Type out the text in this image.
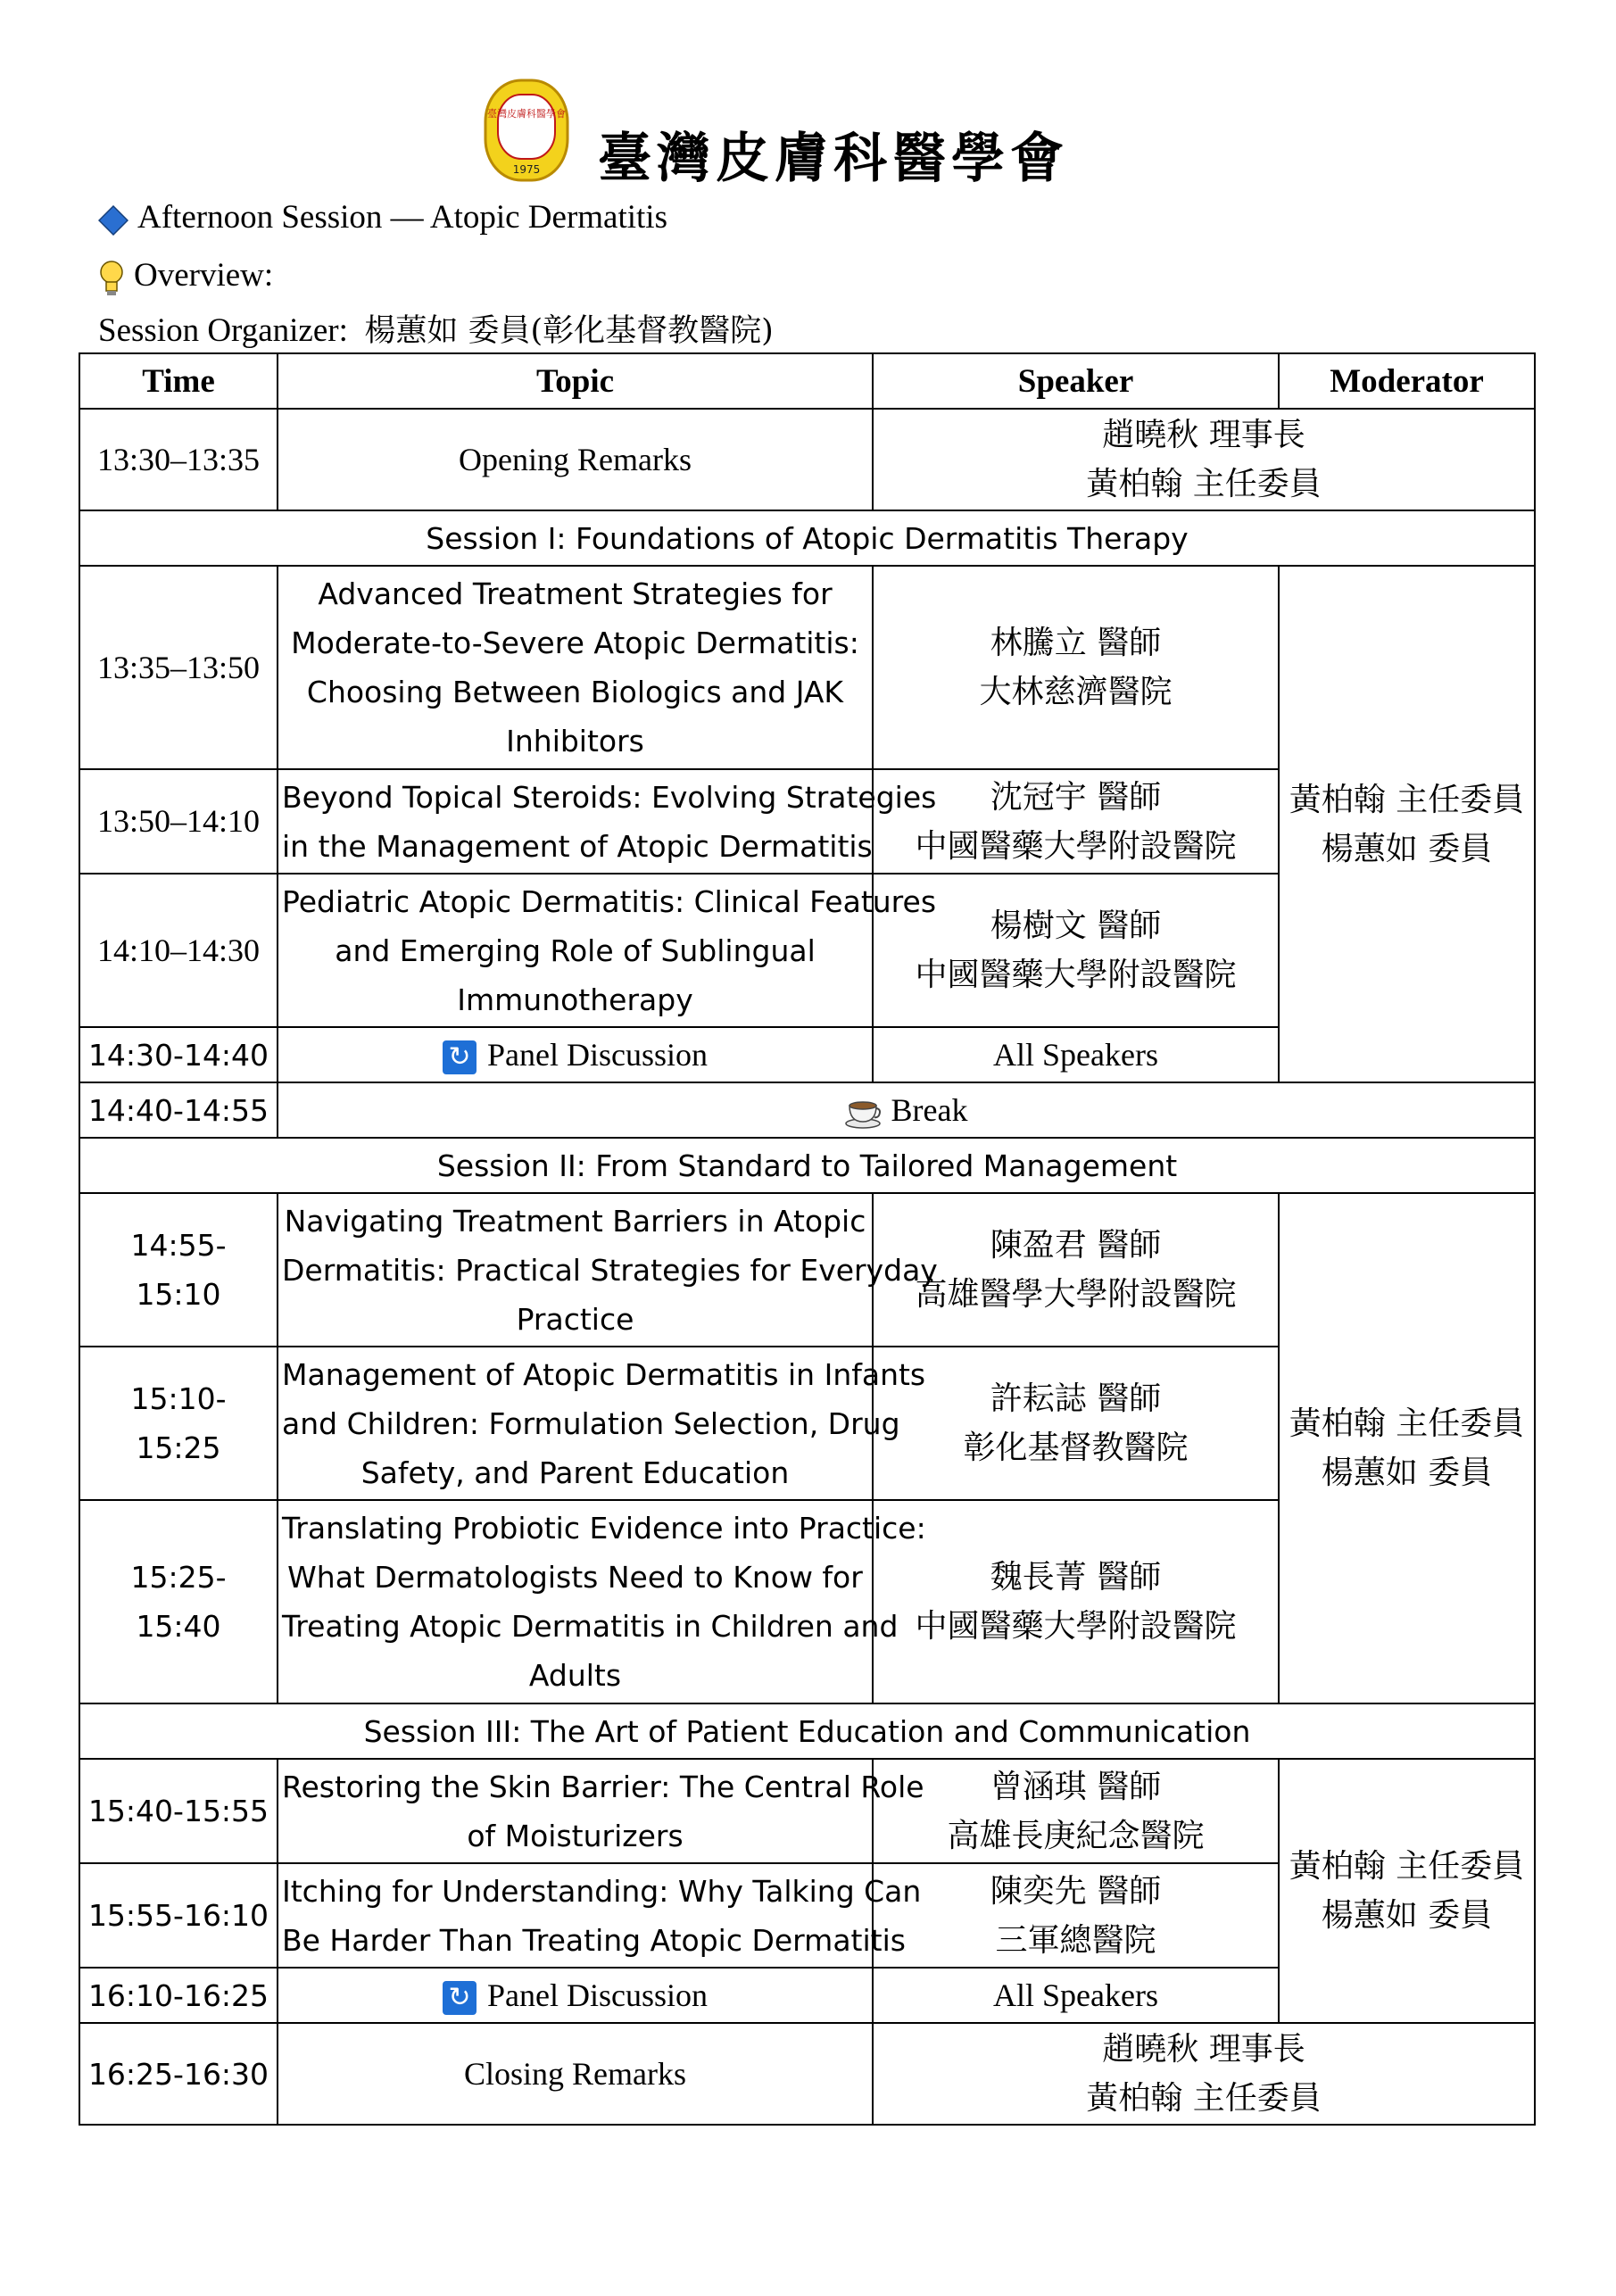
臺灣皮膚科醫學會
1975 臺灣皮膚科醫學會
Afternoon Session — Atopic Dermatitis
Overview:
Session Organizer: 楊蕙如 委員(彰化基督教醫院)
Time	Topic	Speaker	Moderator
13:30–13:35	Opening Remarks	趙曉秋 理事長
黃柏翰 主任委員	

Session I: Foundations of Atopic Dermatitis Therapy			
13:35–13:50	Advanced Treatment Strategies for
Moderate-to-Severe Atopic Dermatitis:
Choosing Between Biologics and JAK
Inhibitors	林騰立 醫師
大林慈濟醫院	黃柏翰 主任委員
楊蕙如 委員

13:50–14:10	Beyond Topical Steroids: Evolving Strategies
in the Management of Atopic Dermatitis	沈冠宇 醫師
中國醫藥大學附設醫院	

14:10–14:30	Pediatric Atopic Dermatitis: Clinical Features
and Emerging Role of Sublingual
Immunotherapy	楊樹文 醫師
中國醫藥大學附設醫院	

14:30-14:40	↻ Panel Discussion	All Speakers	
14:40-14:55	Break		
Session II: From Standard to Tailored Management			
14:55- 15:10	Navigating Treatment Barriers in Atopic
Dermatitis: Practical Strategies for Everyday
Practice	陳盈君 醫師
高雄醫學大學附設醫院	黃柏翰 主任委員
楊蕙如 委員

15:10- 15:25	Management of Atopic Dermatitis in Infants
and Children: Formulation Selection, Drug
Safety, and Parent Education	許耘誌 醫師
彰化基督教醫院	

15:25- 15:40	Translating Probiotic Evidence into Practice:
What Dermatologists Need to Know for
Treating Atopic Dermatitis in Children and
Adults	魏長菁 醫師
中國醫藥大學附設醫院	

Session III: The Art of Patient Education and Communication			
15:40-15:55	Restoring the Skin Barrier: The Central Role
of Moisturizers	曾涵琪 醫師
高雄長庚紀念醫院	黃柏翰 主任委員
楊蕙如 委員

15:55-16:10	Itching for Understanding: Why Talking Can
Be Harder Than Treating Atopic Dermatitis	陳奕先 醫師
三軍總醫院	

16:10-16:25	↻ Panel Discussion	All Speakers	
16:25-16:30	Closing Remarks	趙曉秋 理事長
黃柏翰 主任委員	
